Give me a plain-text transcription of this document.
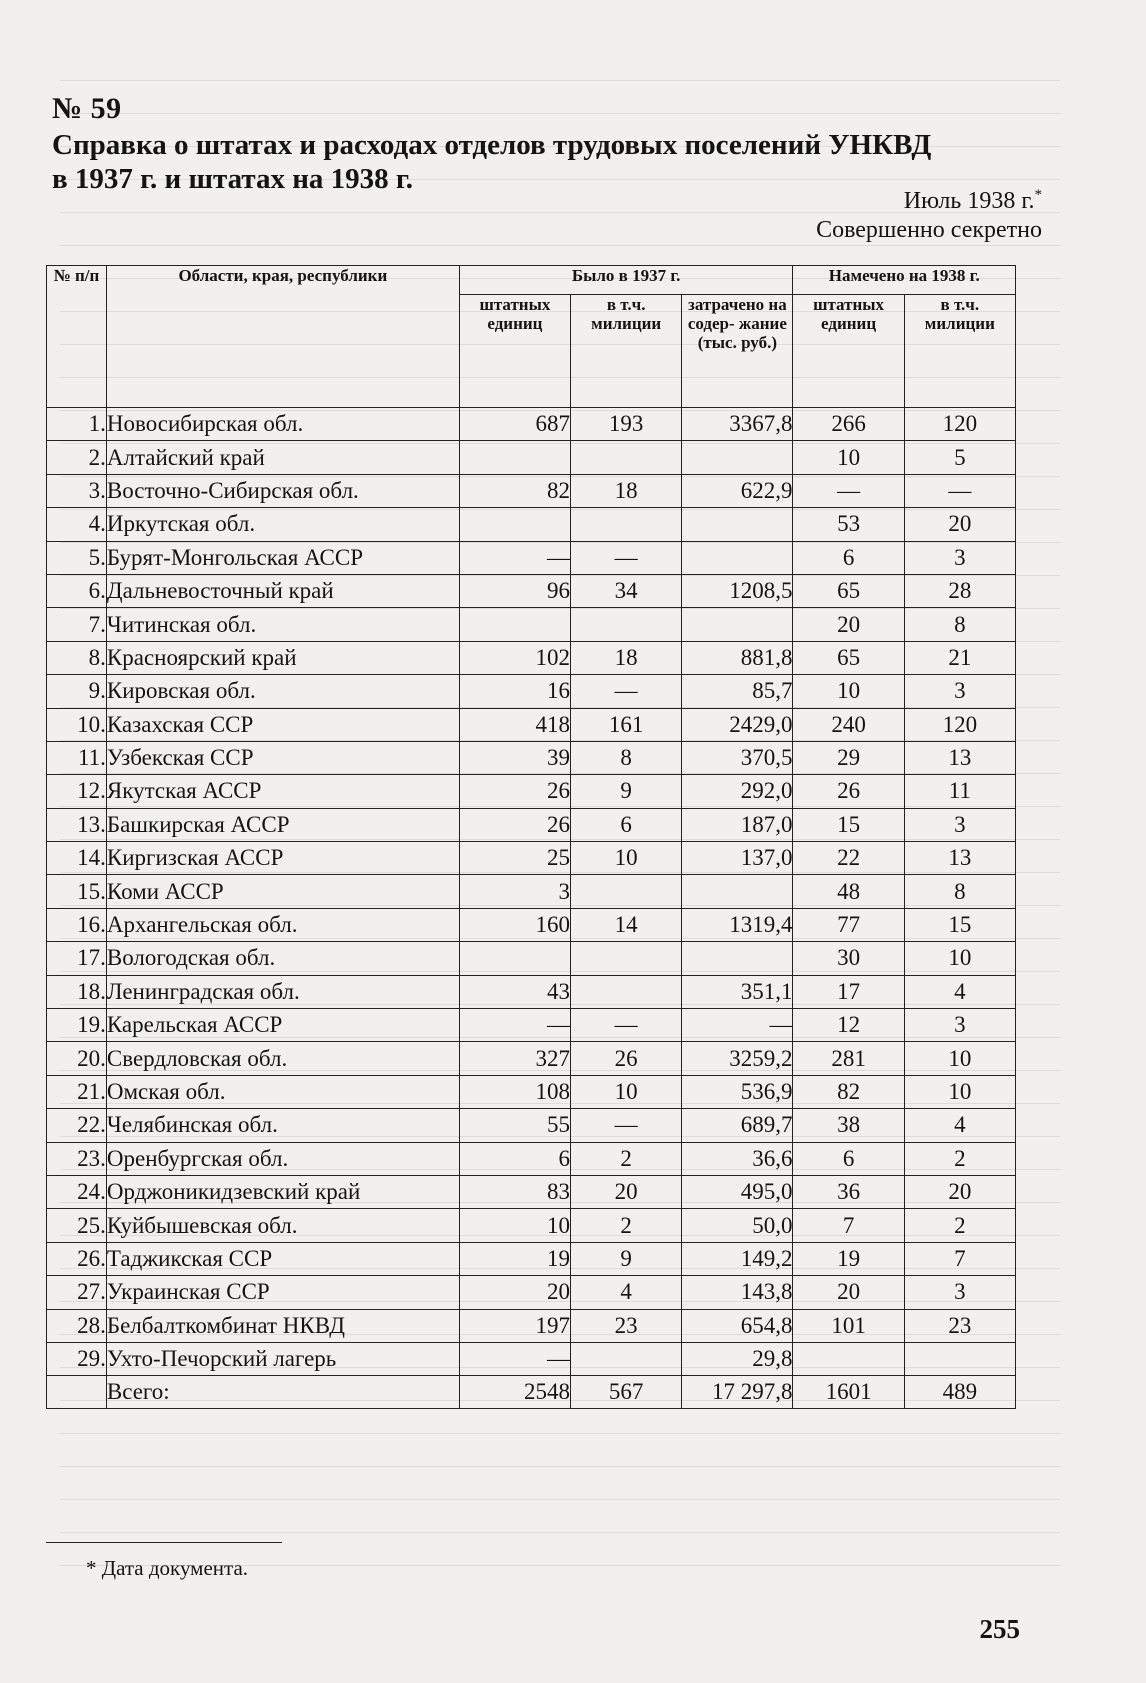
№ 59
Справка о штатах и расходах отделов трудовых поселений УНКВД в 1937 г. и штатах на 1938 г.
Июль 1938 г.*
Совершенно секретно
№ п/п	Области, края, республики	Было в 1937 г.			Намечено на 1938 г.	
		штатных единиц	в т.ч. милиции	затрачено на содер- жание (тыс. руб.)	штатных единиц	в т.ч. милиции
1.	Новосибирская обл.	687	193	3367,8	266	120
2.	Алтайский край				10	5
3.	Восточно-Сибирская обл.	82	18	622,9	—	—
4.	Иркутская обл.				53	20
5.	Бурят-Монгольская АССР	—	—		6	3
6.	Дальневосточный край	96	34	1208,5	65	28
7.	Читинская обл.				20	8
8.	Красноярский край	102	18	881,8	65	21
9.	Кировская обл.	16	—	85,7	10	3
10.	Казахская ССР	418	161	2429,0	240	120
11.	Узбекская ССР	39	8	370,5	29	13
12.	Якутская АССР	26	9	292,0	26	11
13.	Башкирская АССР	26	6	187,0	15	3
14.	Киргизская АССР	25	10	137,0	22	13
15.	Коми АССР	3			48	8
16.	Архангельская обл.	160	14	1319,4	77	15
17.	Вологодская обл.				30	10
18.	Ленинградская обл.	43		351,1	17	4
19.	Карельская АССР	—	—	—	12	3
20.	Свердловская обл.	327	26	3259,2	281	10
21.	Омская обл.	108	10	536,9	82	10
22.	Челябинская обл.	55	—	689,7	38	4
23.	Оренбургская обл.	6	2	36,6	6	2
24.	Орджоникидзевский край	83	20	495,0	36	20
25.	Куйбышевская обл.	10	2	50,0	7	2
26.	Таджикская ССР	19	9	149,2	19	7
27.	Украинская ССР	20	4	143,8	20	3
28.	Белбалткомбинат НКВД	197	23	654,8	101	23
29.	Ухто-Печорский лагерь	—		29,8		
	Всего:	2548	567	17 297,8	1601	489
* Дата документа.
255
